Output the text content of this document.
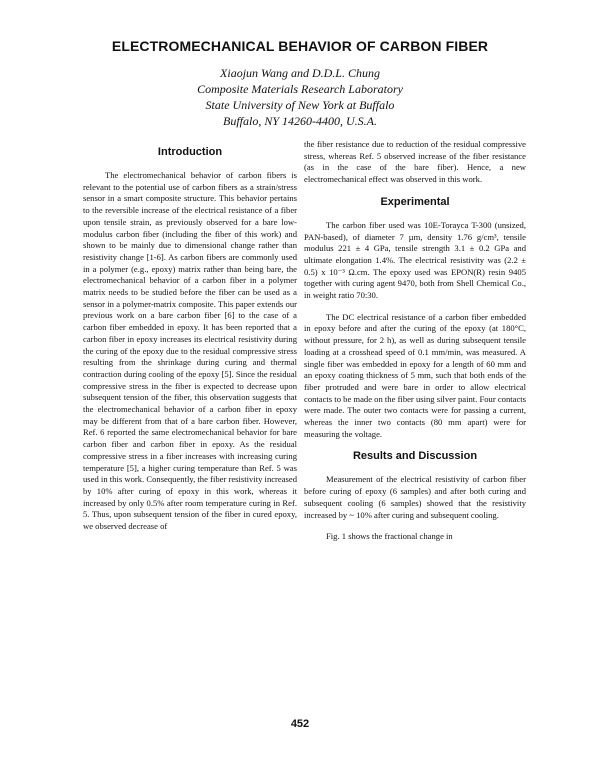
ELECTROMECHANICAL BEHAVIOR OF CARBON FIBER
Xiaojun Wang and D.D.L. Chung
Composite Materials Research Laboratory
State University of New York at Buffalo
Buffalo, NY 14260-4400, U.S.A.
Introduction

The electromechanical behavior of carbon fibers is relevant to the potential use of carbon fibers as a strain/stress sensor in a smart composite structure. This behavior pertains to the reversible increase of the electrical resistance of a fiber upon tensile strain, as previously observed for a bare low-modulus carbon fiber (including the fiber of this work) and shown to be mainly due to dimensional change rather than resistivity change [1-6]. As carbon fibers are commonly used in a polymer (e.g., epoxy) matrix rather than being bare, the electromechanical behavior of a carbon fiber in a polymer matrix needs to be studied before the fiber can be used as a sensor in a polymer-matrix composite. This paper extends our previous work on a bare carbon fiber [6] to the case of a carbon fiber embedded in epoxy. It has been reported that a carbon fiber in epoxy increases its electrical resistivity during the curing of the epoxy due to the residual compressive stress resulting from the shrinkage during curing and thermal contraction during cooling of the epoxy [5]. Since the residual compressive stress in the fiber is expected to decrease upon subsequent tension of the fiber, this observation suggests that the electromechanical behavior of a carbon fiber in epoxy may be different from that of a bare carbon fiber. However, Ref. 6 reported the same electromechanical behavior for bare carbon fiber and carbon fiber in epoxy. As the residual compressive stress in a fiber increases with increasing curing temperature [5], a higher curing temperature than Ref. 5 was used in this work. Consequently, the fiber resistivity increased by 10% after curing of epoxy in this work, whereas it increased by only 0.5% after room temperature curing in Ref. 5. Thus, upon subsequent tension of the fiber in cured epoxy, we observed decrease of

the fiber resistance due to reduction of the residual compressive stress, whereas Ref. 5 observed increase of the fiber resistance (as in the case of the bare fiber). Hence, a new electromechanical effect was observed in this work.

Experimental

The carbon fiber used was 10E-Torayca T-300 (unsized, PAN-based), of diameter 7 µm, density 1.76 g/cm³, tensile modulus 221 ± 4 GPa, tensile strength 3.1 ± 0.2 GPa and ultimate elongation 1.4%. The electrical resistivity was (2.2 ± 0.5) x 10⁻³ Ω.cm. The epoxy used was EPON(R) resin 9405 together with curing agent 9470, both from Shell Chemical Co., in weight ratio 70:30.

The DC electrical resistance of a carbon fiber embedded in epoxy before and after the curing of the epoxy (at 180°C, without pressure, for 2 h), as well as during subsequent tensile loading at a crosshead speed of 0.1 mm/min, was measured. A single fiber was embedded in epoxy for a length of 60 mm and an epoxy coating thickness of 5 mm, such that both ends of the fiber protruded and were bare in order to allow electrical contacts to be made on the fiber using silver paint. Four contacts were made. The outer two contacts were for passing a current, whereas the inner two contacts (80 mm apart) were for measuring the voltage.

Results and Discussion

Measurement of the electrical resistivity of carbon fiber before curing of epoxy (6 samples) and after both curing and subsequent cooling (6 samples) showed that the resistivity increased by ~ 10% after curing and subsequent cooling.

Fig. 1 shows the fractional change in

452
